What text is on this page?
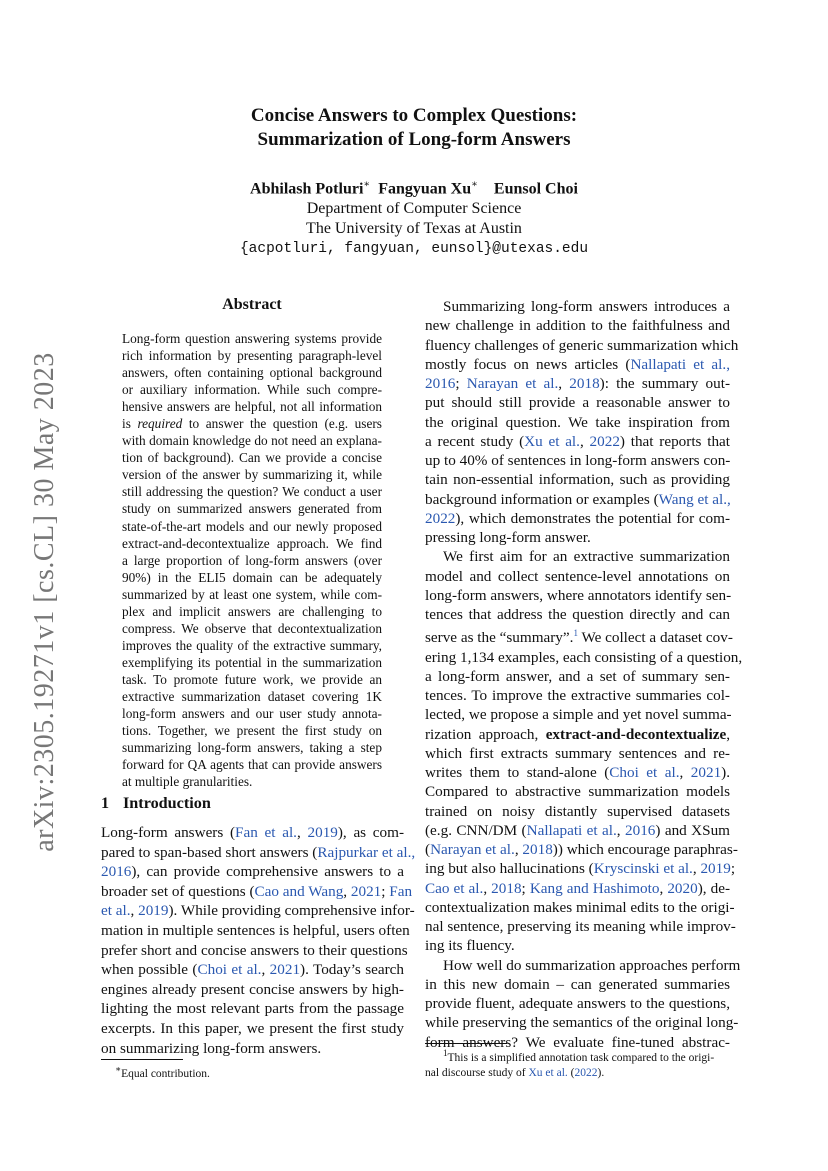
arXiv:2305.19271v1 [cs.CL] 30 May 2023
Concise Answers to Complex Questions:
Summarization of Long-form Answers
Abhilash Potluri∗ Fangyuan Xu∗ Eunsol Choi
Department of Computer Science
The University of Texas at Austin
{acpotluri, fangyuan, eunsol}@utexas.edu
Abstract
Long-form question answering systems provide
rich information by presenting paragraph-level
answers, often containing optional background
or auxiliary information. While such compre-
hensive answers are helpful, not all information
is required to answer the question (e.g. users
with domain knowledge do not need an explana-
tion of background). Can we provide a concise
version of the answer by summarizing it, while
still addressing the question? We conduct a user
study on summarized answers generated from
state-of-the-art models and our newly proposed
extract-and-decontextualize approach. We find
a large proportion of long-form answers (over
90%) in the ELI5 domain can be adequately
summarized by at least one system, while com-
plex and implicit answers are challenging to
compress. We observe that decontextualization
improves the quality of the extractive summary,
exemplifying its potential in the summarization
task. To promote future work, we provide an
extractive summarization dataset covering 1K
long-form answers and our user study annota-
tions. Together, we present the first study on
summarizing long-form answers, taking a step
forward for QA agents that can provide answers
at multiple granularities.
1 Introduction
Long-form answers (Fan et al., 2019), as com-
pared to span-based short answers (Rajpurkar et al.,
2016), can provide comprehensive answers to a
broader set of questions (Cao and Wang, 2021; Fan
et al., 2019). While providing comprehensive infor-
mation in multiple sentences is helpful, users often
prefer short and concise answers to their questions
when possible (Choi et al., 2021). Today’s search
engines already present concise answers by high-
lighting the most relevant parts from the passage
excerpts. In this paper, we present the first study
on summarizing long-form answers.
Summarizing long-form answers introduces a
new challenge in addition to the faithfulness and
fluency challenges of generic summarization which
mostly focus on news articles (Nallapati et al.,
2016; Narayan et al., 2018): the summary out-
put should still provide a reasonable answer to
the original question. We take inspiration from
a recent study (Xu et al., 2022) that reports that
up to 40% of sentences in long-form answers con-
tain non-essential information, such as providing
background information or examples (Wang et al.,
2022), which demonstrates the potential for com-
pressing long-form answer.
We first aim for an extractive summarization
model and collect sentence-level annotations on
long-form answers, where annotators identify sen-
tences that address the question directly and can
serve as the “summary”.$^1$ We collect a dataset cov-
ering 1,134 examples, each consisting of a question,
a long-form answer, and a set of summary sen-
tences. To improve the extractive summaries col-
lected, we propose a simple and yet novel summa-
rization approach, extract-and-decontextualize,
which first extracts summary sentences and re-
writes them to stand-alone (Choi et al., 2021).
Compared to abstractive summarization models
trained on noisy distantly supervised datasets
(e.g. CNN/DM (Nallapati et al., 2016) and XSum
(Narayan et al., 2018)) which encourage paraphras-
ing but also hallucinations (Kryscinski et al., 2019;
Cao et al., 2018; Kang and Hashimoto, 2020), de-
contextualization makes minimal edits to the origi-
nal sentence, preserving its meaning while improv-
ing its fluency.
How well do summarization approaches perform
in this new domain – can generated summaries
provide fluent, adequate answers to the questions,
while preserving the semantics of the original long-
form answers? We evaluate fine-tuned abstrac-
∗Equal contribution.
$^1$This is a simplified annotation task compared to the origi-
nal discourse study of Xu et al. (2022).
